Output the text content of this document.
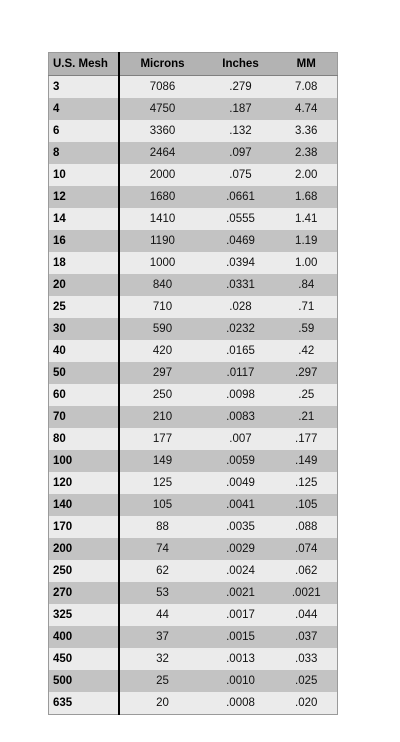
U.S. Mesh	Microns	Inches	MM
3	7086	.279	7.08
4	4750	.187	4.74
6	3360	.132	3.36
8	2464	.097	2.38
10	2000	.075	2.00
12	1680	.0661	1.68
14	1410	.0555	1.41
16	1190	.0469	1.19
18	1000	.0394	1.00
20	840	.0331	.84
25	710	.028	.71
30	590	.0232	.59
40	420	.0165	.42
50	297	.0117	.297
60	250	.0098	.25
70	210	.0083	.21
80	177	.007	.177
100	149	.0059	.149
120	125	.0049	.125
140	105	.0041	.105
170	88	.0035	.088
200	74	.0029	.074
250	62	.0024	.062
270	53	.0021	.0021
325	44	.0017	.044
400	37	.0015	.037
450	32	.0013	.033
500	25	.0010	.025
635	20	.0008	.020
